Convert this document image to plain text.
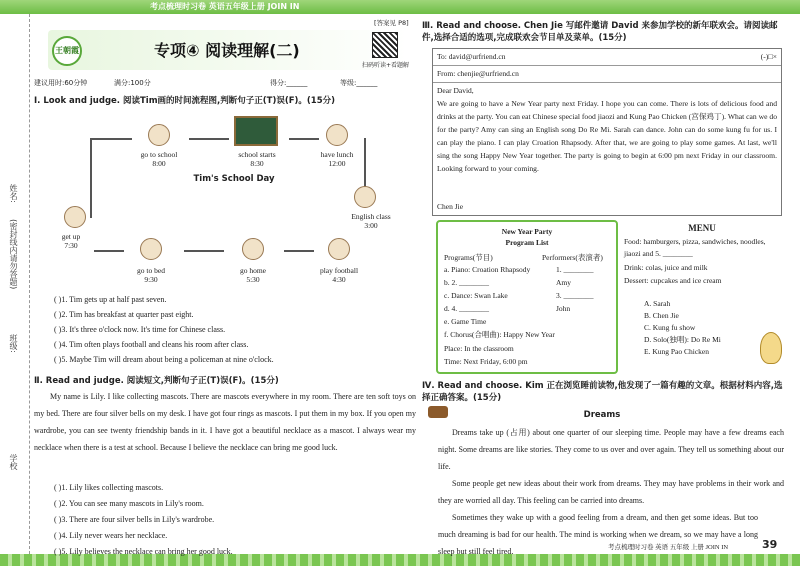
考点梳理时习卷 英语五年级上册 JOIN IN
姓名:
(密封线内请勿答题)
班级:
学校
[答案见 P8]
王朝霞	专项④ 阅读理解(二)
扫码听读+看题解
建议用时:60分钟	满分:100分	得分:______	等级:______
Ⅰ. Look and judge. 阅读Tim画的时间流程图,判断句子正(T)误(F)。(15分)
go to school
8:00
school starts
8:30
have lunch
12:00
Tim's School Day
English class
3:00
get up
7:30
go to bed
9:30
go home
5:30
play football
4:30
( )1. Tim gets up at half past seven.
( )2. Tim has breakfast at quarter past eight.
( )3. It's three o'clock now. It's time for Chinese class.
( )4. Tim often plays football and cleans his room after class.
( )5. Maybe Tim will dream about being a policeman at nine o'clock.
Ⅱ. Read and judge. 阅读短文,判断句子正(T)误(F)。(15分)
My name is Lily. I like collecting mascots. There are mascots everywhere in my room. There are ten soft toys on my bed. There are four silver bells on my desk. I have got four rings as mascots. I put them in my box. If you open my wardrobe, you can see twenty friendship bands in it. I have got a beautiful necklace as a mascot. I always wear my necklace when there is a test at school. Because I believe the necklace can bring me good luck.
( )1. Lily likes collecting mascots.
( )2. You can see many mascots in Lily's room.
( )3. There are four silver bells in Lily's wardrobe.
( )4. Lily never wears her necklace.
( )5. Lily believes the necklace can bring her good luck.
Ⅲ. Read and choose. Chen Jie 写邮件邀请 David 来参加学校的新年联欢会。请阅读邮件,选择合适的选项,完成联欢会节目单及菜单。(15分)
(-)□×
To: david@urfriend.cn
From: chenjie@urfriend.cn
Dear David,
We are going to have a New Year party next Friday. I hope you can come. There is lots of delicious food and drinks at the party. You can eat Chinese special food jiaozi and Kung Pao Chicken (宫保鸡丁). What can we do for the party? Amy can sing an English song Do Re Mi. Sarah can dance. John can do some kung fu for us. I can play the piano. I can play Croation Rhapsody. After that, we are going to play some games. At last, we'll sing the song Happy New Year together. The party is going to begin at 6:00 pm next Friday in our classroom. Looking forward to your coming.
Chen Jie
New Year Party
Program List
Programs(节目)	Performers(表演者)
a. Piano: Croation Rhapsody	1. ________
b. 2. ________	Amy
c. Dance: Swan Lake	3. ________
d. 4. ________	John
e. Game Time
f. Chorus(合唱曲): Happy New Year
Place: In the classroom
Time: Next Friday, 6:00 pm
MENU
Food: hamburgers, pizza, sandwiches, noodles, jiaozi and 5. ________
Drink: colas, juice and milk
Dessert: cupcakes and ice cream
A. Sarah
B. Chen Jie
C. Kung fu show
D. Solo(独唱): Do Re Mi
E. Kung Pao Chicken
Ⅳ. Read and choose. Kim 正在浏览睡前读物,他发现了一篇有趣的文章。根据材料内容,选择正确答案。(15分)
Dreams
Dreams take up (占用) about one quarter of our sleeping time. People may have a few dreams each night. Some dreams are like stories. They come to us over and over again. They tell us something about our life.
Some people get new ideas about their work from dreams. They may have problems in their work and they are worried all day. This feeling can be carried into dreams.
Sometimes they wake up with a good feeling from a dream, and then get some ideas. But too much dreaming is bad for our health. The mind is working when we dream, so we may have a long sleep but still feel tired.	考点梳理时习卷 英语 五年级 上册 JOIN IN	39
